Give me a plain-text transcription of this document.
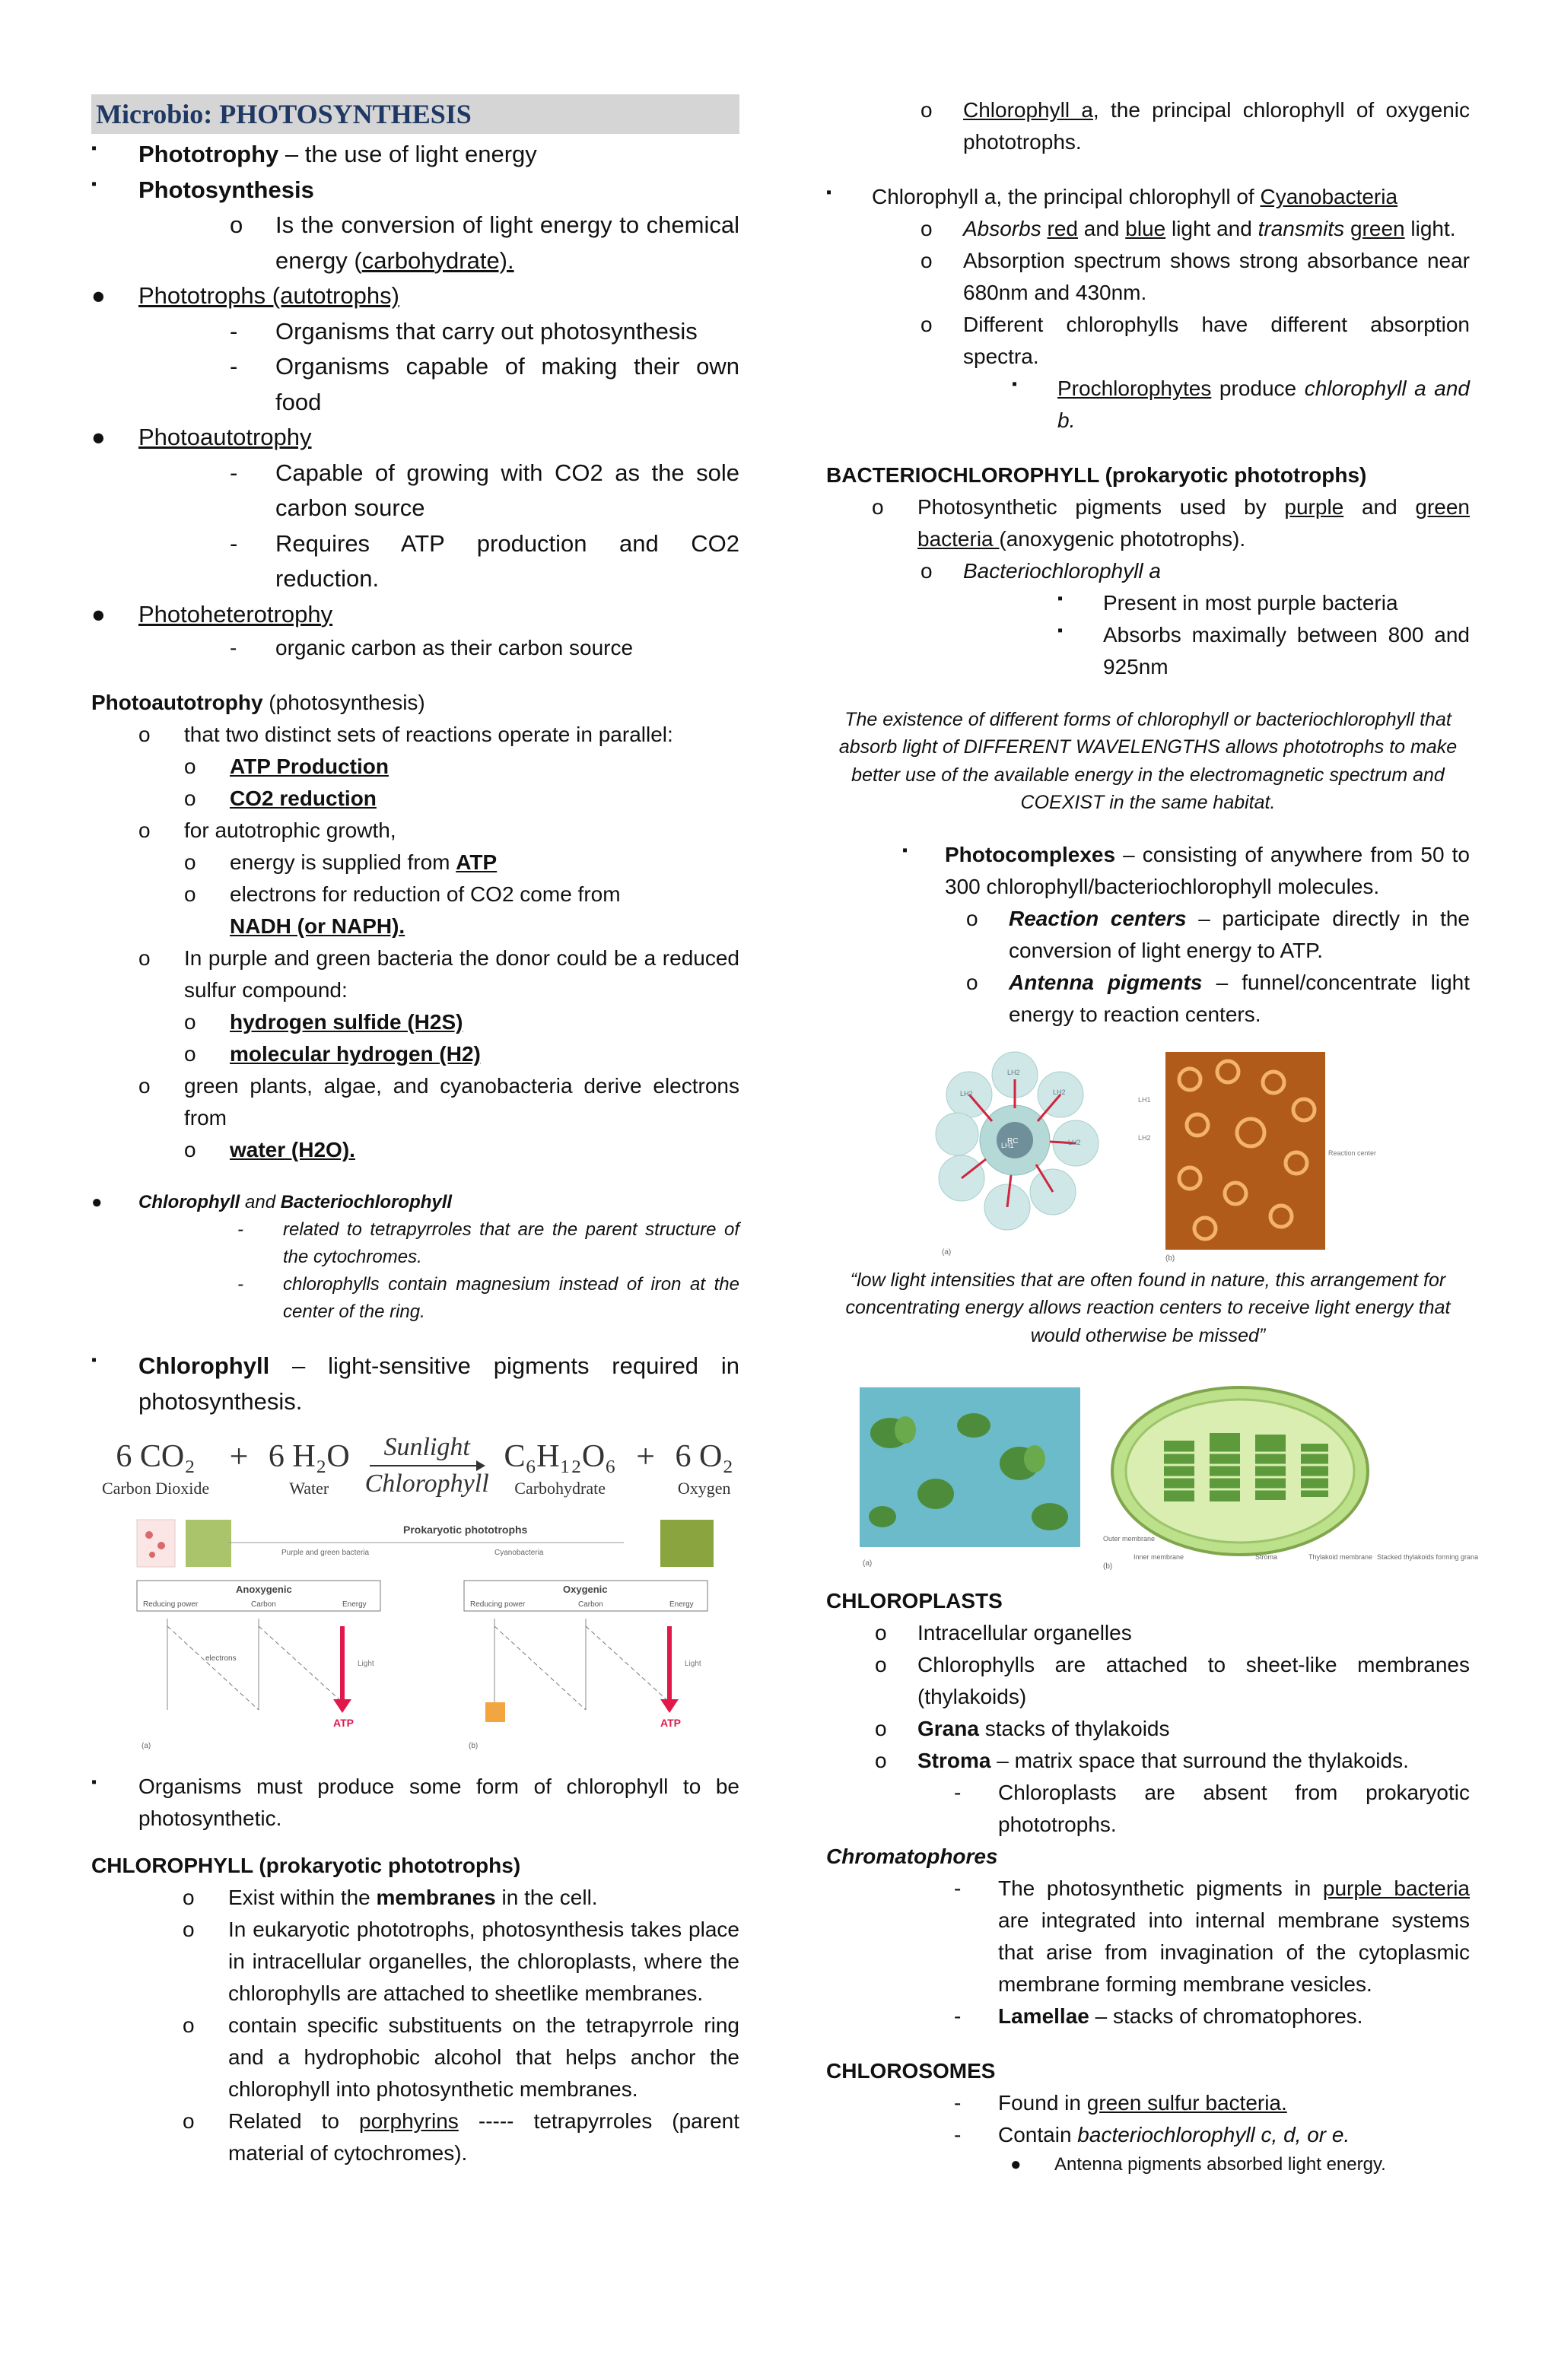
Microbio: PHOTOSYNTHESIS
▪ Phototrophy – the use of light energy
▪ Photosynthesis
o Is the conversion of light energy to chemical energy (carbohydrate).
● Phototrophs (autotrophs)
- Organisms that carry out photosynthesis
- Organisms capable of making their own food
● Photoautotrophy
- Capable of growing with CO2 as the sole carbon source
- Requires ATP production and CO2 reduction.
● Photoheterotrophy
- organic carbon as their carbon source
Photoautotrophy (photosynthesis)
o that two distinct sets of reactions operate in parallel:
o ATP Production
o CO2 reduction
o for autotrophic growth,
o energy is supplied from ATP
o electrons for reduction of CO2 come from
NADH (or NAPH).
o In purple and green bacteria the donor could be a reduced sulfur compound:
o hydrogen sulfide (H2S)
o molecular hydrogen (H2)
o green plants, algae, and cyanobacteria derive electrons from
o water (H2O).
● Chlorophyll and Bacteriochlorophyll
- related to tetrapyrroles that are the parent structure of the cytochromes.
- chlorophylls contain magnesium instead of iron at the center of the ring.
▪ Chlorophyll – light-sensitive pigments required in photosynthesis.
6 CO₂
Carbon Dioxide
+ 6 H₂O
Water
Sunlight
Chlorophyll
C₆H₁₂O₆
Carbohydrate
+ 6 O₂
Oxygen
Prokaryotic phototrophs
Purple and green bacteria	Cyanobacteria
Anoxygenic
Reducing power	Carbon	Energy
Oxygenic
Reducing power	Carbon	Energy
electrons
ATP
Light
ATP
Light
(a)	(b)
▪ Organisms must produce some form of chlorophyll to be photosynthetic.
CHLOROPHYLL (prokaryotic phototrophs)
o Exist within the membranes in the cell.
o In eukaryotic phototrophs, photosynthesis takes place in intracellular organelles, the chloroplasts, where the chlorophylls are attached to sheetlike membranes.
o contain specific substituents on the tetrapyrrole ring and a hydrophobic alcohol that helps anchor the chlorophyll into photosynthetic membranes.
o Related to porphyrins ----- tetrapyrroles (parent material of cytochromes).
o Chlorophyll a, the principal chlorophyll of oxygenic phototrophs.
▪ Chlorophyll a, the principal chlorophyll of Cyanobacteria
o Absorbs red and blue light and transmits green light.
o Absorption spectrum shows strong absorbance near 680nm and 430nm.
o Different chlorophylls have different absorption spectra.
▪ Prochlorophytes produce chlorophyll a and b.
BACTERIOCHLOROPHYLL (prokaryotic phototrophs)
o Photosynthetic pigments used by purple and green bacteria (anoxygenic phototrophs).
o Bacteriochlorophyll a
▪ Present in most purple bacteria
▪ Absorbs maximally between 800 and 925nm
The existence of different forms of chlorophyll or bacteriochlorophyll that absorb light of DIFFERENT WAVELENGTHS allows phototrophs to make better use of the available energy in the electromagnetic spectrum and COEXIST in the same habitat.
▪ Photocomplexes – consisting of anywhere from 50 to 300 chlorophyll/bacteriochlorophyll molecules.
o Reaction centers – participate directly in the conversion of light energy to ATP.
o Antenna pigments – funnel/concentrate light energy to reaction centers.
RC
LH2
LH2
LH2
LH2
LH1
(a)
LH1
LH2
Reaction center
(b)
“low light intensities that are often found in nature, this arrangement for concentrating energy allows reaction centers to receive light energy that would otherwise be missed”
(a)
Outer membrane
Inner membrane	Stroma	Thylakoid membrane Stacked thylakoids forming grana
(b)
CHLOROPLASTS
o Intracellular organelles
o Chlorophylls are attached to sheet-like membranes (thylakoids)
o Grana stacks of thylakoids
o Stroma – matrix space that surround the thylakoids.
- Chloroplasts are absent from prokaryotic phototrophs.
Chromatophores
- The photosynthetic pigments in purple bacteria are integrated into internal membrane systems that arise from invagination of the cytoplasmic membrane forming membrane vesicles.
- Lamellae – stacks of chromatophores.
CHLOROSOMES
- Found in green sulfur bacteria.
- Contain bacteriochlorophyll c, d, or e.
● Antenna pigments absorbed light energy.
